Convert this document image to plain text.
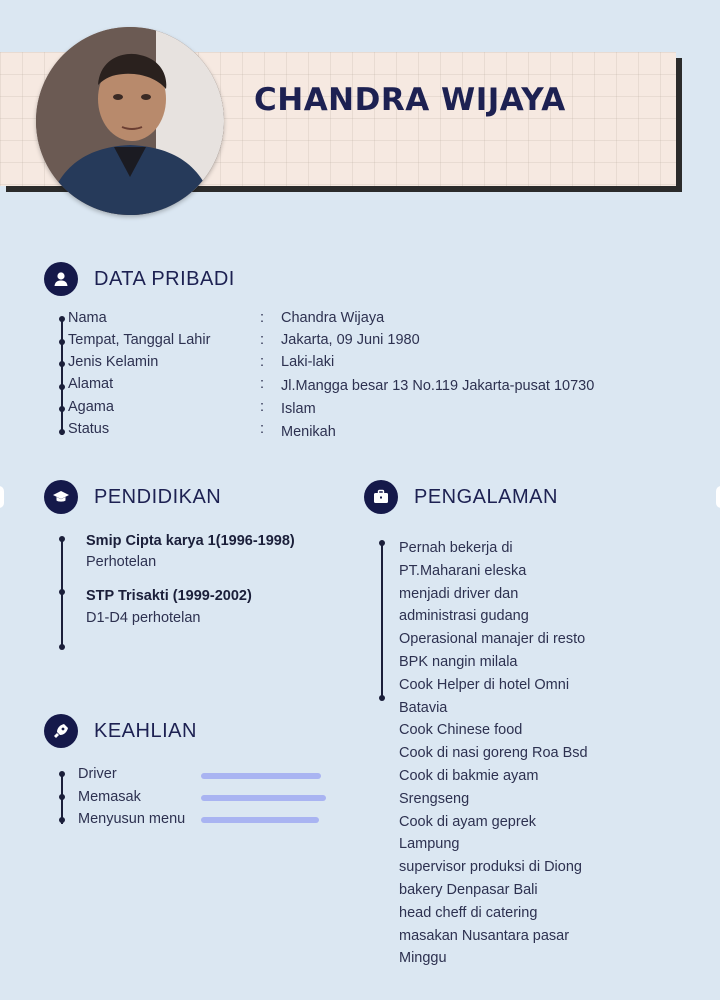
CHANDRA WIJAYA
DATA PRIBADI
Nama
Tempat, Tanggal Lahir
Jenis Kelamin
Alamat
Agama
Status
:
:
:
:
:
:
Chandra Wijaya
Jakarta, 09 Juni 1980
Laki-laki
Jl.Mangga besar 13 No.119 Jakarta-pusat 10730
Islam
Menikah
PENDIDIKAN
Smip Cipta karya 1(1996-1998)
Perhotelan
STP Trisakti (1999-2002)
D1-D4 perhotelan
KEAHLIAN
Driver
Memasak
Menyusun menu
PENGALAMAN
Pernah bekerja di
PT.Maharani eleska
menjadi driver dan
administrasi gudang
Operasional manajer di resto
BPK nangin milala
Cook Helper di hotel Omni
Batavia
Cook Chinese food
Cook di nasi goreng Roa Bsd
Cook di bakmie ayam
Srengseng
Cook di ayam geprek
Lampung
supervisor produksi di Diong
bakery Denpasar Bali
head cheff di catering
masakan Nusantara pasar
Minggu
